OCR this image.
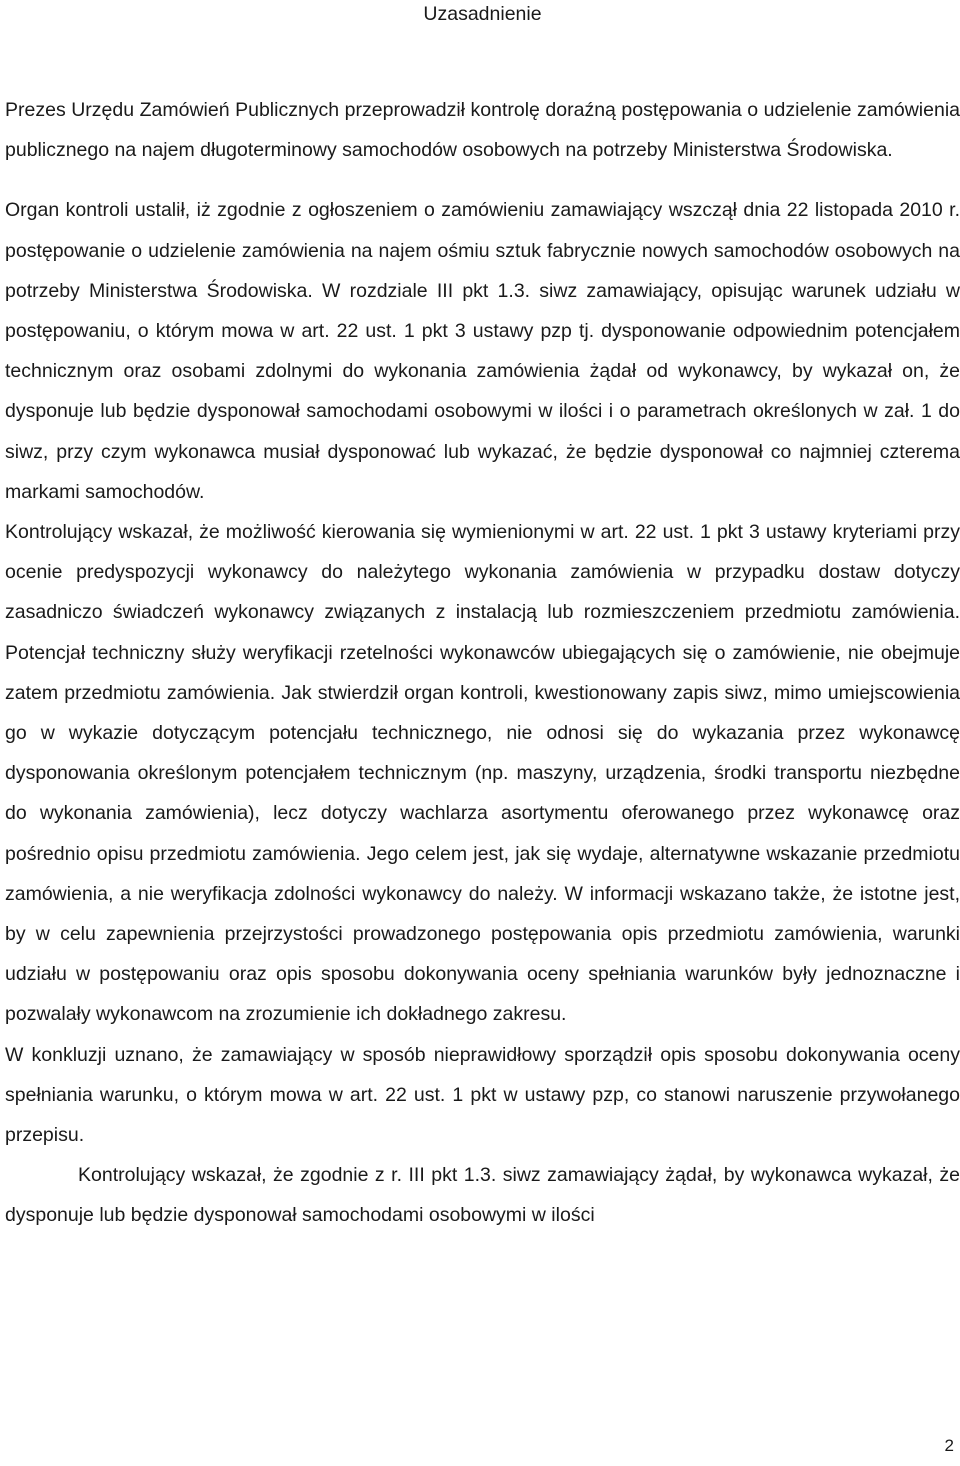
Uzasadnienie

Prezes Urzędu Zamówień Publicznych przeprowadził kontrolę doraźną postępowania o udzielenie zamówienia publicznego na najem długoterminowy samochodów osobowych na potrzeby Ministerstwa Środowiska.

Organ kontroli ustalił, iż zgodnie z ogłoszeniem o zamówieniu zamawiający wszczął dnia 22 listopada 2010 r. postępowanie o udzielenie zamówienia na najem ośmiu sztuk fabrycznie nowych samochodów osobowych na potrzeby Ministerstwa Środowiska. W rozdziale III pkt 1.3. siwz zamawiający, opisując warunek udziału w postępowaniu, o którym mowa w art. 22 ust. 1 pkt 3 ustawy pzp tj. dysponowanie odpowiednim potencjałem technicznym oraz osobami zdolnymi do wykonania zamówienia żądał od wykonawcy, by wykazał on, że dysponuje lub będzie dysponował samochodami osobowymi w ilości i o parametrach określonych w zał. 1 do siwz, przy czym wykonawca musiał dysponować lub wykazać, że będzie dysponował co najmniej czterema markami samochodów.

Kontrolujący wskazał, że możliwość kierowania się wymienionymi w art. 22 ust. 1 pkt 3 ustawy kryteriami przy ocenie predyspozycji wykonawcy do należytego wykonania zamówienia w przypadku dostaw dotyczy zasadniczo świadczeń wykonawcy związanych z instalacją lub rozmieszczeniem przedmiotu zamówienia. Potencjał techniczny służy weryfikacji rzetelności wykonawców ubiegających się o zamówienie, nie obejmuje zatem przedmiotu zamówienia. Jak stwierdził organ kontroli, kwestionowany zapis siwz, mimo umiejscowienia go w wykazie dotyczącym potencjału technicznego, nie odnosi się do wykazania przez wykonawcę dysponowania określonym potencjałem technicznym (np. maszyny, urządzenia, środki transportu niezbędne do wykonania zamówienia), lecz dotyczy wachlarza asortymentu oferowanego przez wykonawcę oraz pośrednio opisu przedmiotu zamówienia. Jego celem jest, jak się wydaje, alternatywne wskazanie przedmiotu zamówienia, a nie weryfikacja zdolności wykonawcy do należy. W informacji wskazano także, że istotne jest, by w celu zapewnienia przejrzystości prowadzonego postępowania opis przedmiotu zamówienia, warunki udziału w postępowaniu oraz opis sposobu dokonywania oceny spełniania warunków były jednoznaczne i pozwalały wykonawcom na zrozumienie ich dokładnego zakresu.

W konkluzji uznano, że zamawiający w sposób nieprawidłowy sporządził opis sposobu dokonywania oceny spełniania warunku, o którym mowa w art. 22 ust. 1 pkt w ustawy pzp, co stanowi naruszenie przywołanego przepisu.

Kontrolujący wskazał, że zgodnie z r. III pkt 1.3. siwz zamawiający żądał, by wykonawca wykazał, że dysponuje lub będzie dysponował samochodami osobowymi w ilości

2
